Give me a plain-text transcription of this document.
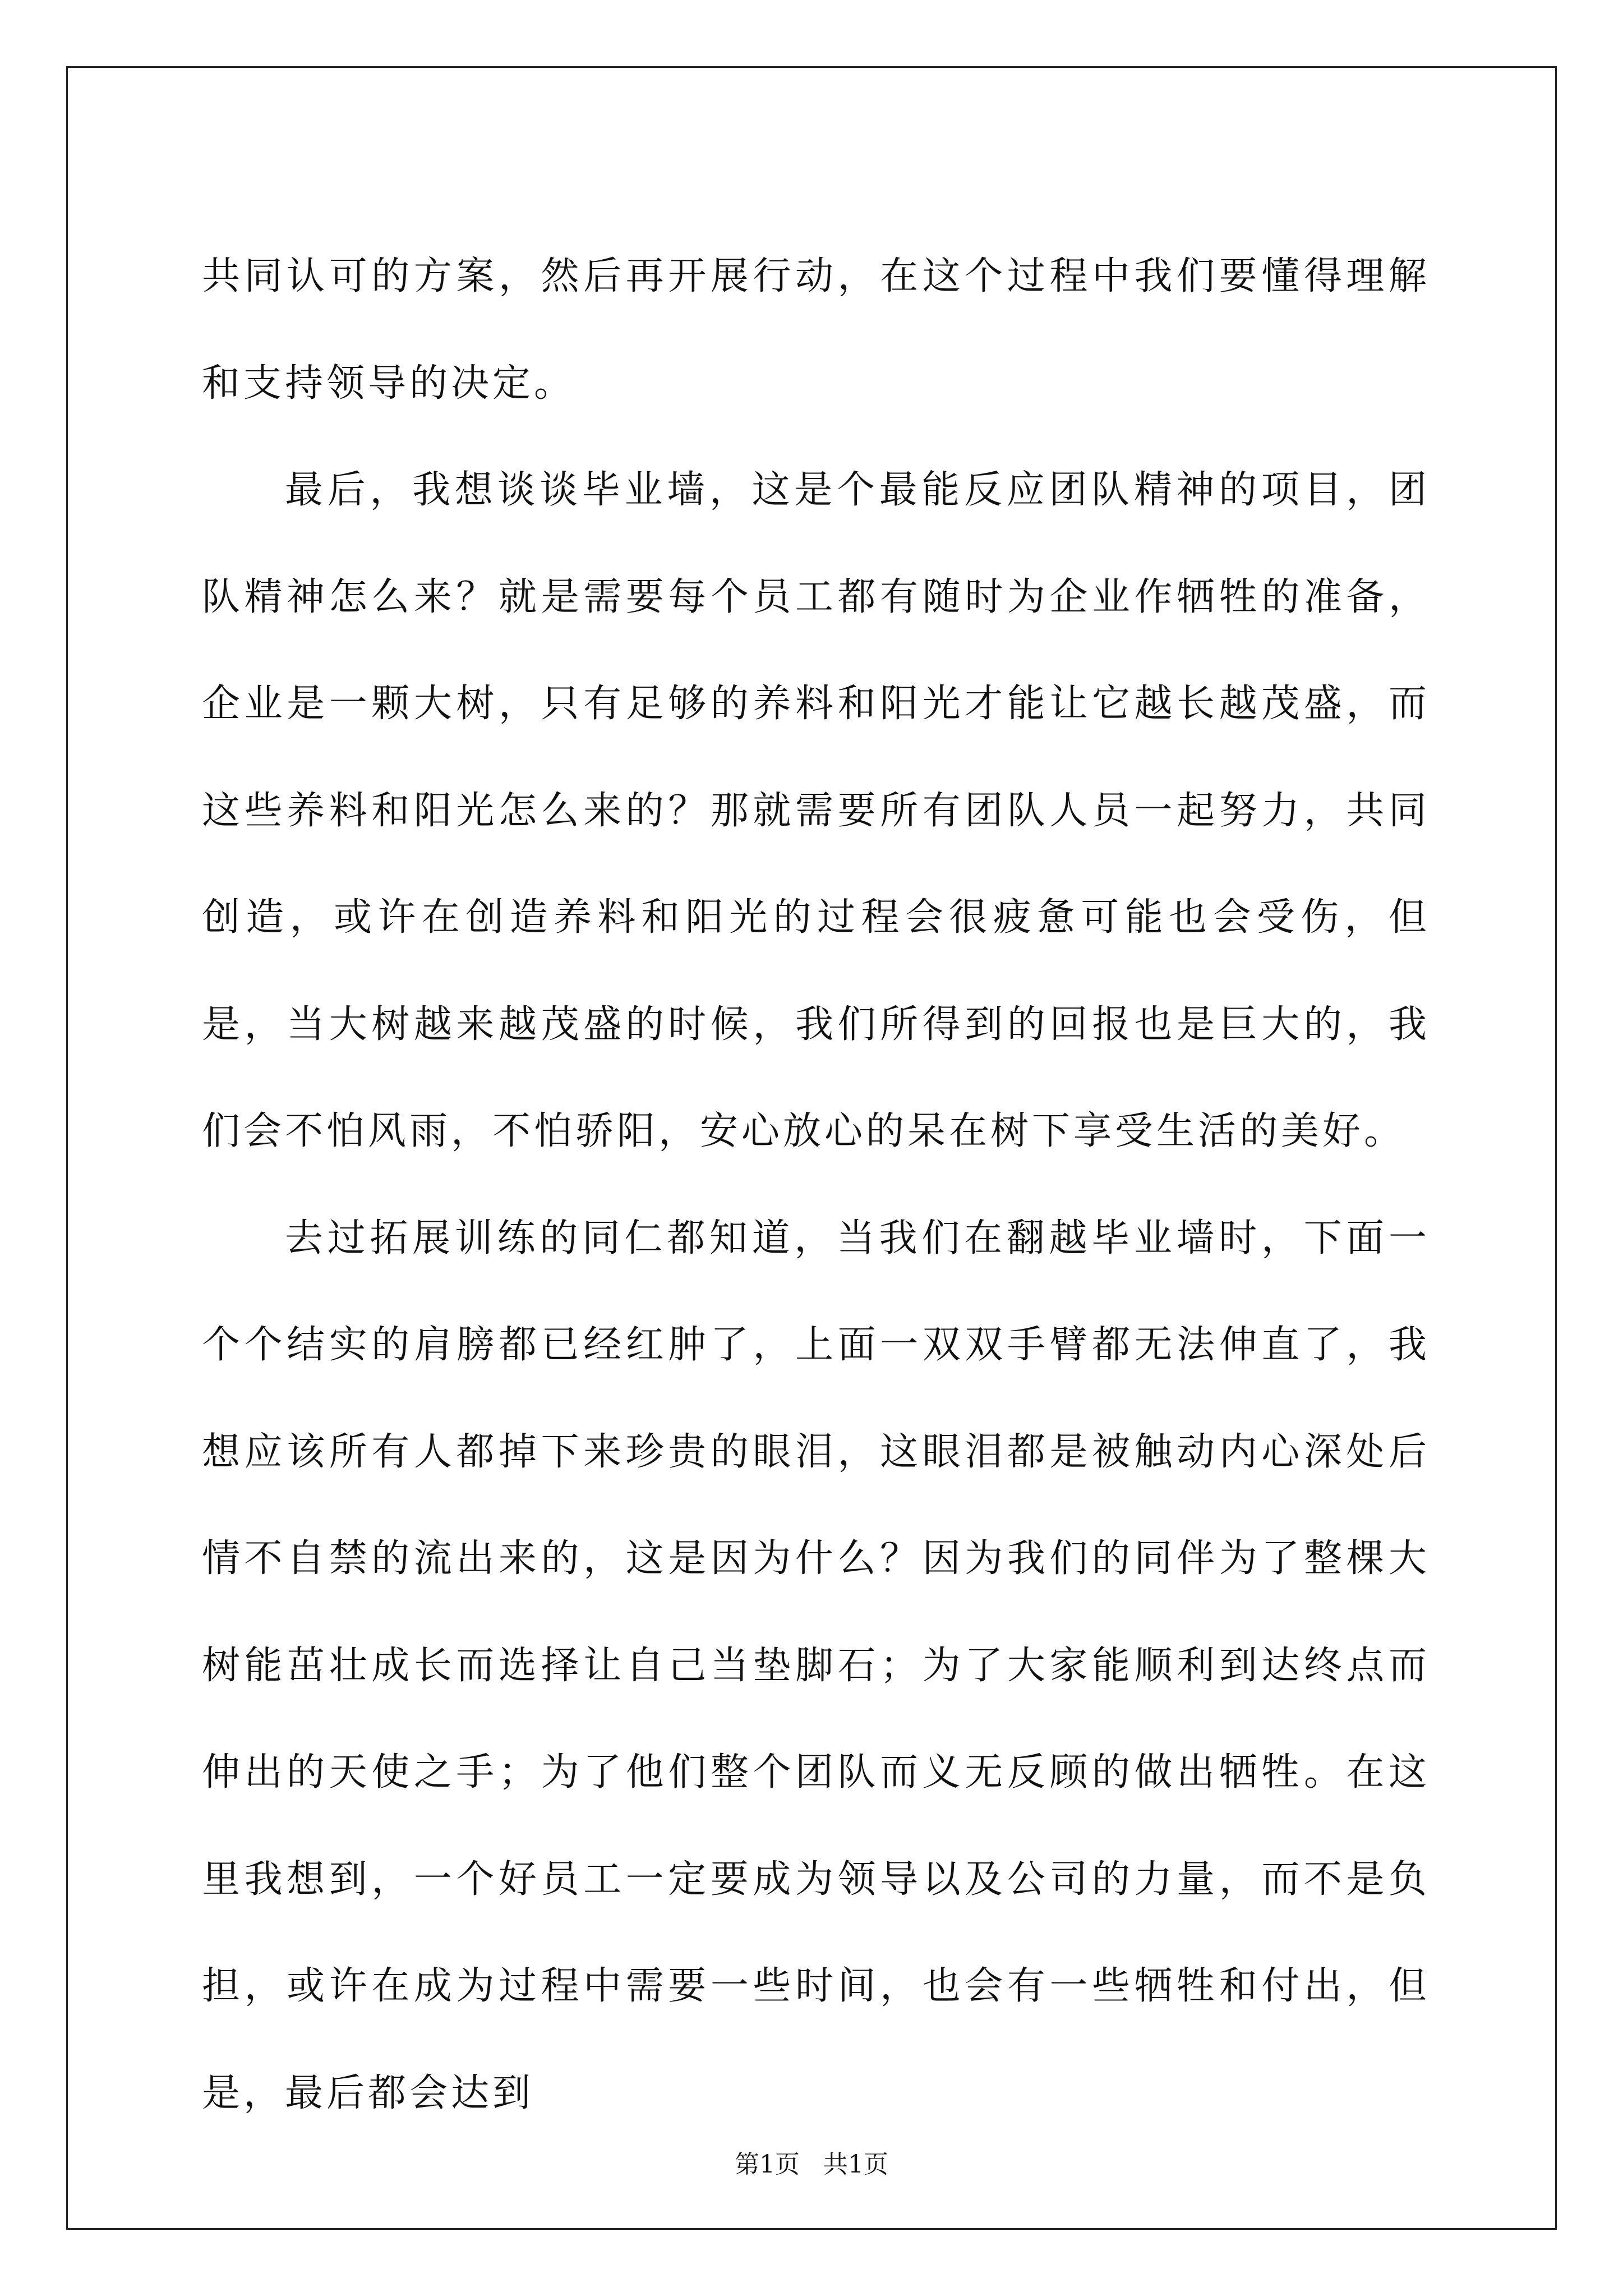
共同认可的方案，然后再开展行动，在这个过程中我们要懂得理解和支持领导的决定。

最后，我想谈谈毕业墙，这是个最能反应团队精神的项目，团队精神怎么来？就是需要每个员工都有随时为企业作牺牲的准备，企业是一颗大树，只有足够的养料和阳光才能让它越长越茂盛，而这些养料和阳光怎么来的？那就需要所有团队人员一起努力，共同创造，或许在创造养料和阳光的过程会很疲惫可能也会受伤，但是，当大树越来越茂盛的时候，我们所得到的回报也是巨大的，我们会不怕风雨，不怕骄阳，安心放心的呆在树下享受生活的美好。

去过拓展训练的同仁都知道，当我们在翻越毕业墙时，下面一个个结实的肩膀都已经红肿了，上面一双双手臂都无法伸直了，我想应该所有人都掉下来珍贵的眼泪，这眼泪都是被触动内心深处后情不自禁的流出来的，这是因为什么？因为我们的同伴为了整棵大树能茁壮成长而选择让自己当垫脚石；为了大家能顺利到达终点而伸出的天使之手；为了他们整个团队而义无反顾的做出牺牲。在这里我想到，一个好员工一定要成为领导以及公司的力量，而不是负担，或许在成为过程中需要一些时间，也会有一些牺牲和付出，但是，最后都会达到

第1页   共1页
